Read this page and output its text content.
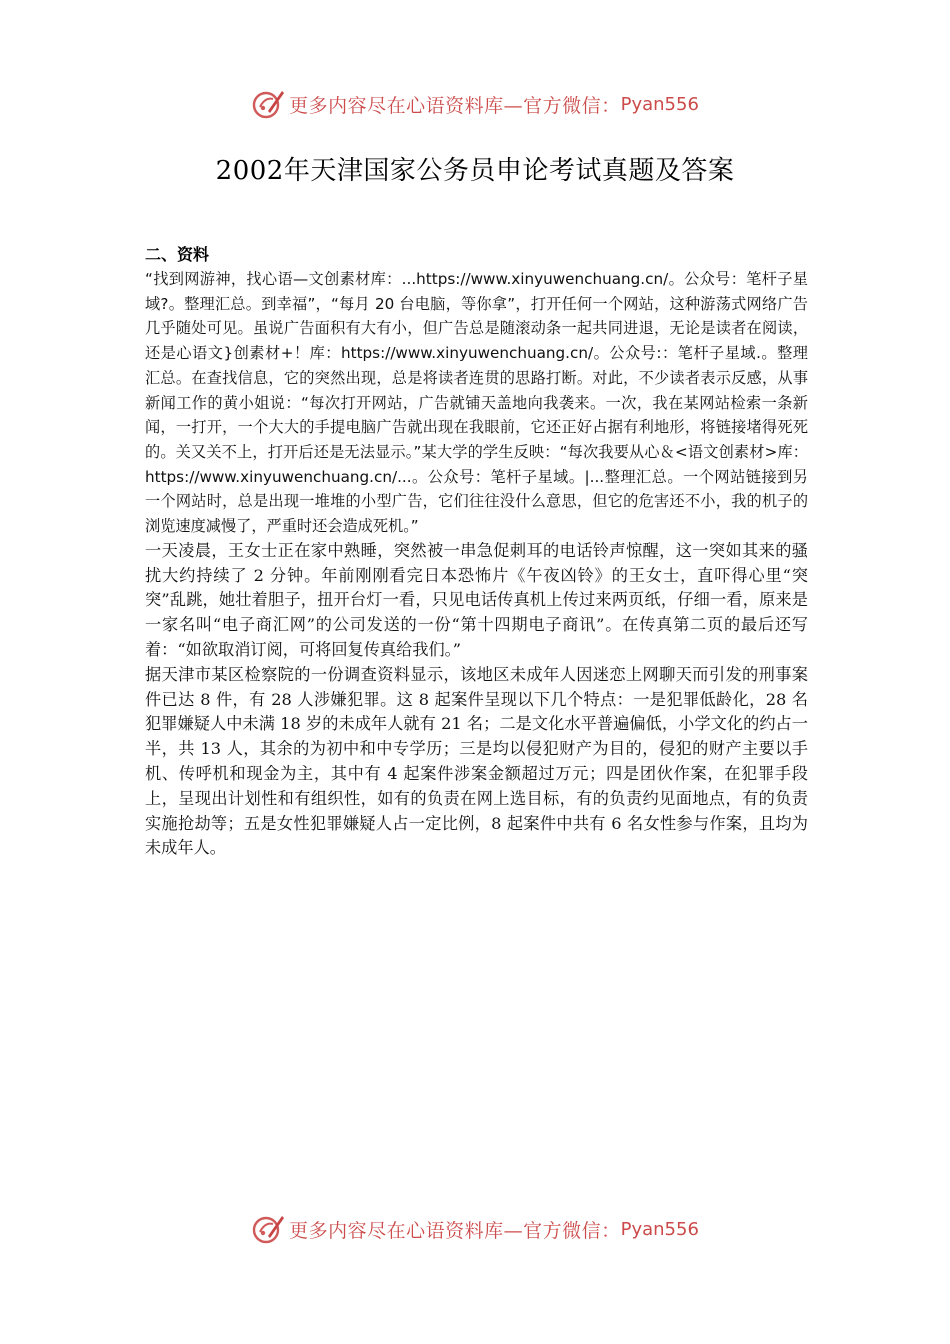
更多内容尽在心语资料库—官方微信： Pyan556
2002年天津国家公务员申论考试真题及答案

二、资料

“找到网游神，找心语—文创素材库：...https://www.xinyuwenchuang.cn/。公众号：笔杆子星域?。整理汇总。到幸福”，“每月 20 台电脑，等你拿”，打开任何一个网站，这种游荡式网络广告几乎随处可见。虽说广告面积有大有小，但广告总是随滚动条一起共同进退，无论是读者在阅读，还是心语文}创素材+！库：https://www.xinyuwenchuang.cn/。公众号:：笔杆子星域.。整理汇总。在查找信息，它的突然出现，总是将读者连贯的思路打断。对此，不少读者表示反感，从事新闻工作的黄小姐说：“每次打开网站，广告就铺天盖地向我袭来。一次，我在某网站检索一条新闻，一打开，一个大大的手提电脑广告就出现在我眼前，它还正好占据有利地形，将链接堵得死死的。关又关不上，打开后还是无法显示。”某大学的学生反映：“每次我要从心＆<语文创素材>库：https://www.xinyuwenchuang.cn/...。公众号：笔杆子星域。|...整理汇总。一个网站链接到另一个网站时，总是出现一堆堆的小型广告，它们往往没什么意思，但它的危害还不小，我的机子的浏览速度减慢了，严重时还会造成死机。”

一天凌晨，王女士正在家中熟睡，突然被一串急促刺耳的电话铃声惊醒，这一突如其来的骚扰大约持续了 2 分钟。年前刚刚看完日本恐怖片《午夜凶铃》的王女士，直吓得心里“突突”乱跳，她壮着胆子，扭开台灯一看，只见电话传真机上传过来两页纸，仔细一看，原来是一家名叫“电子商汇网”的公司发送的一份“第十四期电子商讯”。在传真第二页的最后还写着：“如欲取消订阅，可将回复传真给我们。”

据天津市某区检察院的一份调查资料显示，该地区未成年人因迷恋上网聊天而引发的刑事案件已达 8 件，有 28 人涉嫌犯罪。这 8 起案件呈现以下几个特点：一是犯罪低龄化，28 名犯罪嫌疑人中未满 18 岁的未成年人就有 21 名；二是文化水平普遍偏低，小学文化的约占一半，共 13 人，其余的为初中和中专学历；三是均以侵犯财产为目的，侵犯的财产主要以手机、传呼机和现金为主，其中有 4 起案件涉案金额超过万元；四是团伙作案，在犯罪手段上，呈现出计划性和有组织性，如有的负责在网上选目标，有的负责约见面地点，有的负责实施抢劫等；五是女性犯罪嫌疑人占一定比例，8 起案件中共有 6 名女性参与作案，且均为未成年人。

更多内容尽在心语资料库—官方微信： Pyan556
